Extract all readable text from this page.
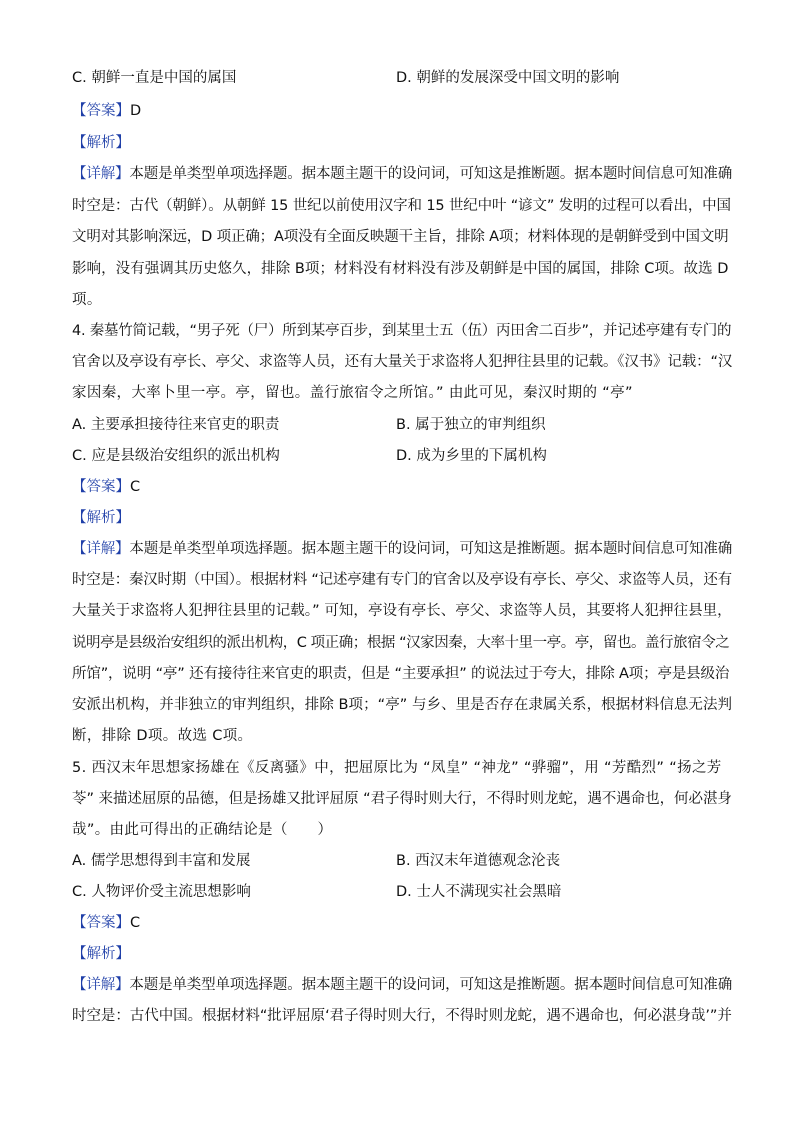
C. 朝鲜一直是中国的属国	D. 朝鲜的发展深受中国文明的影响
【答案】D
【解析】
【详解】本题是单类型单项选择题。据本题主题干的设问词，可知这是推断题。据本题时间信息可知准确
时空是：古代（朝鲜）。从朝鲜 15 世纪以前使用汉字和 15 世纪中叶 “谚文” 发明的过程可以看出，中国
文明对其影响深远，D 项正确；A项没有全面反映题干主旨，排除 A项；材料体现的是朝鲜受到中国文明
影响，没有强调其历史悠久，排除 B项；材料没有材料没有涉及朝鲜是中国的属国，排除 C项。故选 D
项。
4. 秦墓竹简记载，“男子死（尸）所到某亭百步，到某里士五（伍）丙田舍二百步”，并记述亭建有专门的
官舍以及亭设有亭长、亭父、求盗等人员，还有大量关于求盗将人犯押往县里的记载。《汉书》记载：“汉
家因秦，大率卜里一亭。亭，留也。盖行旅宿令之所馆。” 由此可见，秦汉时期的 “亭”
A. 主要承担接待往来官吏的职责	B. 属于独立的审判组织
C. 应是县级治安组织的派出机构	D. 成为乡里的下属机构
【答案】C
【解析】
【详解】本题是单类型单项选择题。据本题主题干的设问词，可知这是推断题。据本题时间信息可知准确
时空是：秦汉时期（中国）。根据材料 “记述亭建有专门的官舍以及亭设有亭长、亭父、求盗等人员，还有
大量关于求盗将人犯押往县里的记载。” 可知，亭设有亭长、亭父、求盗等人员，其要将人犯押往县里，
说明亭是县级治安组织的派出机构，C 项正确；根据 “汉家因秦，大率十里一亭。亭，留也。盖行旅宿令之
所馆”，说明 “亭” 还有接待往来官吏的职责，但是 “主要承担” 的说法过于夸大，排除 A项；亭是县级治
安派出机构，并非独立的审判组织，排除 B项；“亭” 与乡、里是否存在隶属关系，根据材料信息无法判
断，排除 D项。故选 C项。
5. 西汉末年思想家扬雄在《反离骚》中，把屈原比为 “凤皇” “神龙” “骅骝”，用 “芳酷烈” “扬之芳
苓” 来描述屈原的品德，但是扬雄又批评屈原 “君子得时则大行，不得时则龙蛇，遇不遇命也，何必湛身
哉”。由此可得出的正确结论是（　　）
A. 儒学思想得到丰富和发展	B. 西汉末年道德观念沦丧
C. 人物评价受主流思想影响	D. 士人不满现实社会黑暗
【答案】C
【解析】
【详解】本题是单类型单项选择题。据本题主题干的设问词，可知这是推断题。据本题时间信息可知准确
时空是：古代中国。根据材料“批评屈原‘君子得时则大行，不得时则龙蛇，遇不遇命也，何必湛身哉’”并
